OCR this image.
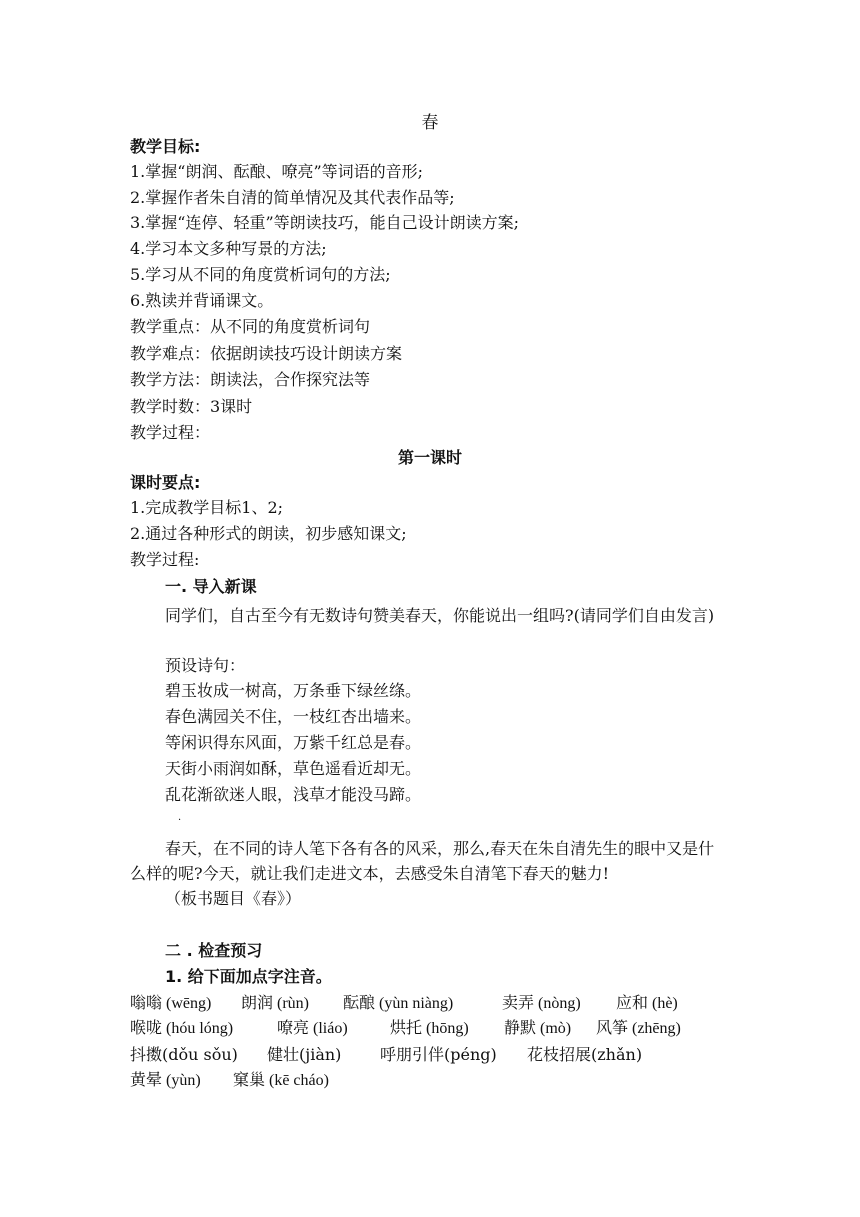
春
教学目标:
1.掌握“朗润、酝酿、嘹亮”等词语的音形;
2.掌握作者朱自清的简单情况及其代表作品等;
3.掌握“连停、轻重”等朗读技巧，能自己设计朗读方案;
4.学习本文多种写景的方法;
5.学习从不同的角度赏析词句的方法;
6.熟读并背诵课文。
教学重点：从不同的角度赏析词句
教学难点：依据朗读技巧设计朗读方案
教学方法：朗读法，合作探究法等
教学时数：3课时
教学过程：
第一课时
课时要点:
1.完成教学目标1、2;
2.通过各种形式的朗读，初步感知课文;
教学过程:
一. 导入新课
同学们，自古至今有无数诗句赞美春天，你能说出一组吗?(请同学们自由发言)
预设诗句：
碧玉妆成一树高，万条垂下绿丝绦。
春色满园关不住，一枝红杏出墙来。
等闲识得东风面，万紫千红总是春。
天街小雨润如酥，草色遥看近却无。
乱花渐欲迷人眼，浅草才能没马蹄。
·
春天，在不同的诗人笔下各有各的风采，那么,春天在朱自清先生的眼中又是什么样的呢?今天，就让我们走进文本，去感受朱自清笔下春天的魅力!
（板书题目《春》）
二 . 检查预习
1. 给下面加点字注音。
嗡嗡 (wēng) 朗润 (rùn) 酝酿 (yùn niàng)	卖弄 (nòng) 应和 (hè)
喉咙 (hóu lóng)	嘹亮 (liáo)	烘托 (hōng) 静默 (mò) 风筝 (zhēng)
抖擞(dǒu sǒu) 健壮(jiàn) 呼朋引伴(péng) 花枝招展(zhǎn)
黄晕 (yùn) 窠巢 (kē cháo)
